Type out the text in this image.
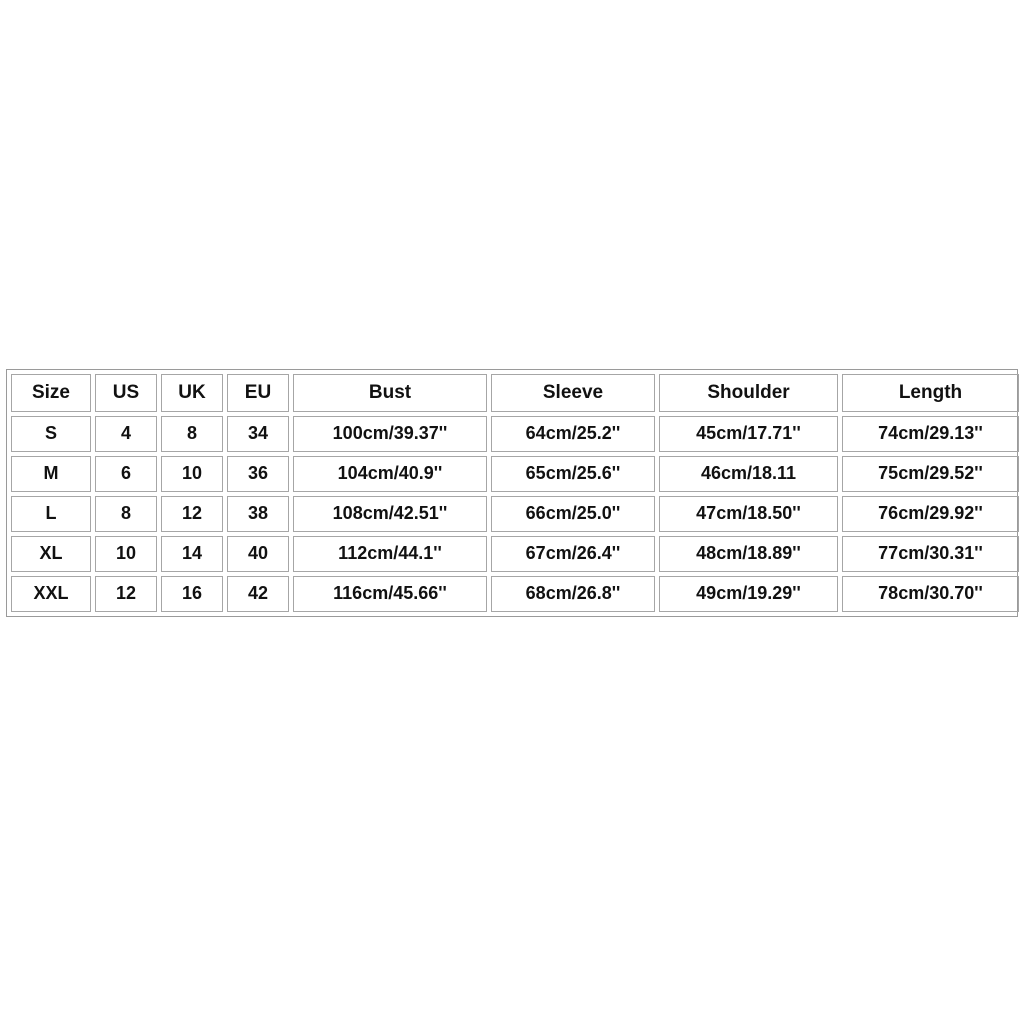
Size	US	UK	EU	Bust	Sleeve	Shoulder	Length
S	4	8	34	100cm/39.37''	64cm/25.2''	45cm/17.71''	74cm/29.13''
M	6	10	36	104cm/40.9''	65cm/25.6''	46cm/18.11	75cm/29.52''
L	8	12	38	108cm/42.51''	66cm/25.0''	47cm/18.50''	76cm/29.92''
XL	10	14	40	112cm/44.1''	67cm/26.4''	48cm/18.89''	77cm/30.31''
XXL	12	16	42	116cm/45.66''	68cm/26.8''	49cm/19.29''	78cm/30.70''
